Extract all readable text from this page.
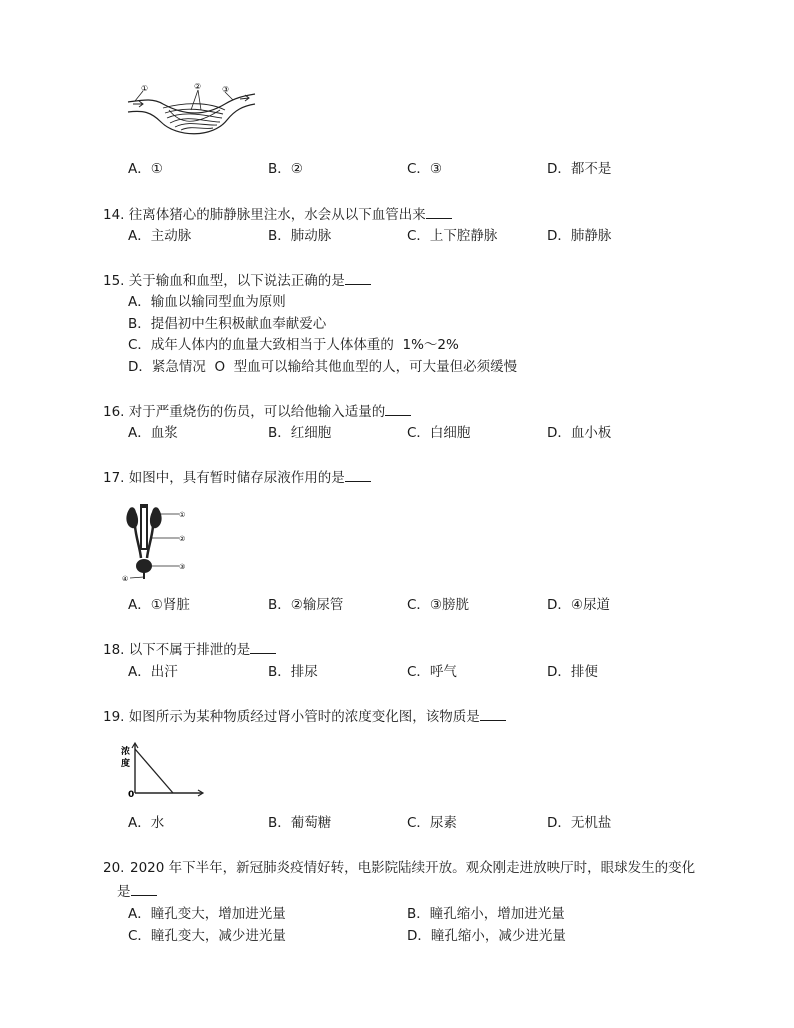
①	②	③
A．①	B．②	C．③	D．都不是
14. 往离体猪心的肺静脉里注水，水会从以下血管出来
A．主动脉	B．肺动脉	C．上下腔静脉	D．肺静脉
15. 关于输血和血型，以下说法正确的是
A．输血以输同型血为原则
B．提倡初中生积极献血奉献爱心
C．成年人体内的血量大致相当于人体体重的  1%～2%
D．紧急情况  O  型血可以输给其他血型的人，可大量但必须缓慢
16. 对于严重烧伤的伤员，可以给他输入适量的
A．血浆	B．红细胞	C．白细胞	D．血小板
17. 如图中，具有暂时储存尿液作用的是
①
②
③
④
A．①肾脏	B．②输尿管	C．③膀胱	D．④尿道
18. 以下不属于排泄的是
A．出汗	B．排尿	C．呼气	D．排便
19. 如图所示为某种物质经过肾小管时的浓度变化图，该物质是
浓
度
0
A．水	B．葡萄糖	C．尿素	D．无机盐
20. 2020 年下半年，新冠肺炎疫情好转，电影院陆续开放。观众刚走进放映厅时，眼球发生的变化
是
A．瞳孔变大，增加进光量	B．瞳孔缩小，增加进光量
C．瞳孔变大，减少进光量	D．瞳孔缩小，减少进光量
